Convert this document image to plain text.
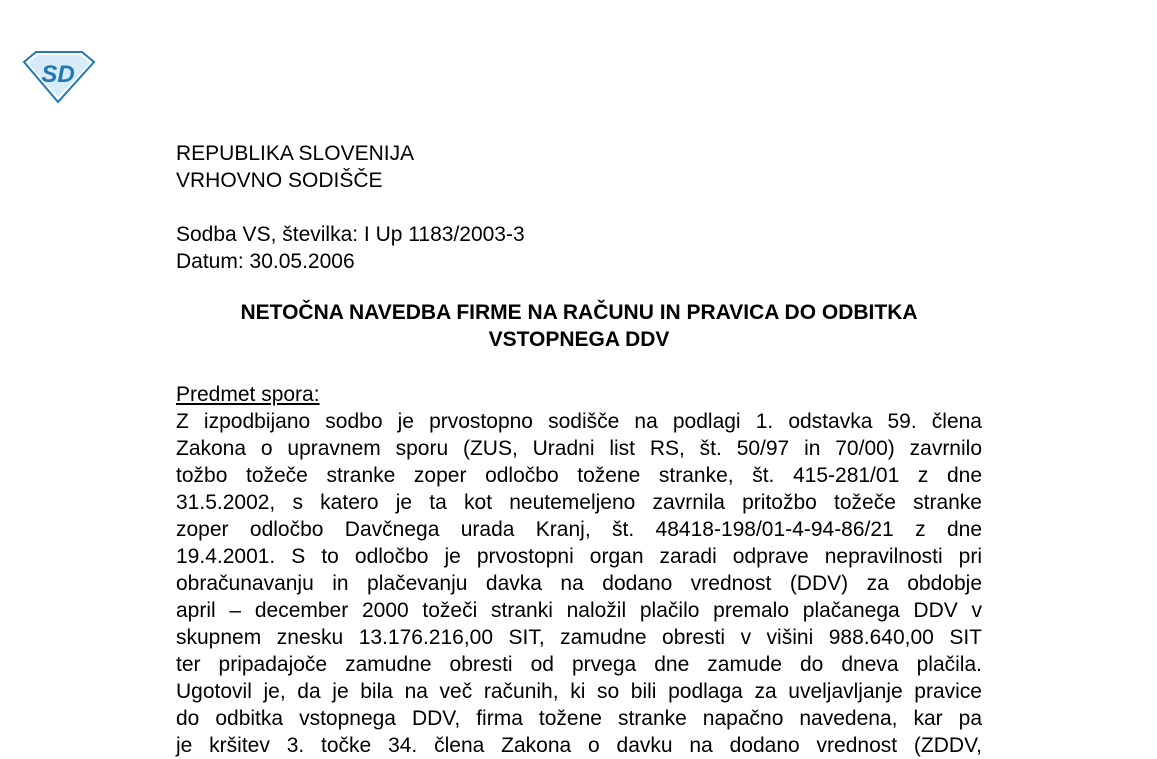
SD
REPUBLIKA SLOVENIJA
VRHOVNO SODIŠČE
Sodba VS, številka: I Up 1183/2003-3
Datum: 30.05.2006
NETOČNA NAVEDBA FIRME NA RAČUNU IN PRAVICA DO ODBITKA
VSTOPNEGA DDV
Predmet spora:
Z izpodbijano sodbo je prvostopno sodišče na podlagi 1. odstavka 59. člena
Zakona o upravnem sporu (ZUS, Uradni list RS, št. 50/97 in 70/00) zavrnilo
tožbo tožeče stranke zoper odločbo tožene stranke, št. 415-281/01 z dne
31.5.2002, s katero je ta kot neutemeljeno zavrnila pritožbo tožeče stranke
zoper odločbo Davčnega urada Kranj, št. 48418-198/01-4-94-86/21 z dne
19.4.2001. S to odločbo je prvostopni organ zaradi odprave nepravilnosti pri
obračunavanju in plačevanju davka na dodano vrednost (DDV) za obdobje
april – december 2000 tožeči stranki naložil plačilo premalo plačanega DDV v
skupnem znesku 13.176.216,00 SIT, zamudne obresti v višini 988.640,00 SIT
ter pripadajoče zamudne obresti od prvega dne zamude do dneva plačila.
Ugotovil je, da je bila na več računih, ki so bili podlaga za uveljavljanje pravice
do odbitka vstopnega DDV, firma tožene stranke napačno navedena, kar pa
je kršitev 3. točke 34. člena Zakona o davku na dodano vrednost (ZDDV,
